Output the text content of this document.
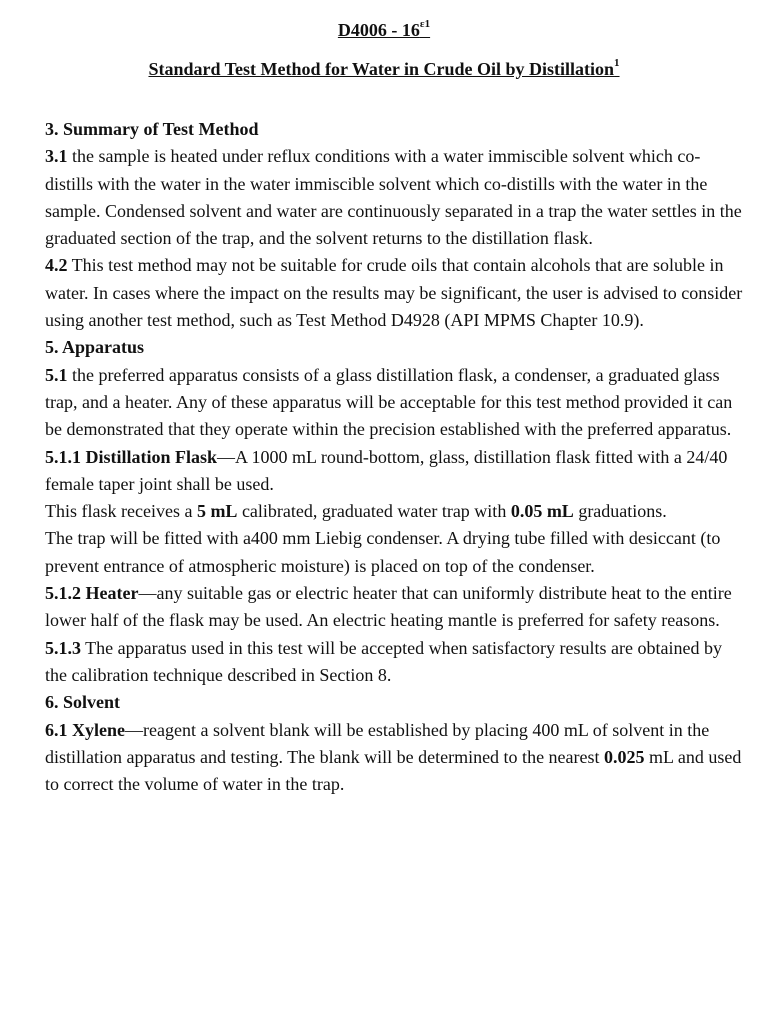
$D4006 - 16^{\varepsilon 1}$
Standard Test Method for Water in Crude Oil by Distillation$^1$

3. Summary of Test Method

3.1 the sample is heated under reflux conditions with a water immiscible solvent which co-distills with the water in the water immiscible solvent which co-distills with the water in the sample. Condensed solvent and water are continuously separated in a trap the water settles in the graduated section of the trap, and the solvent returns to the distillation flask.

4.2 This test method may not be suitable for crude oils that contain alcohols that are soluble in water. In cases where the impact on the results may be significant, the user is advised to consider using another test method, such as Test Method D4928 (API MPMS Chapter 10.9).

5. Apparatus

5.1 the preferred apparatus consists of a glass distillation flask, a condenser, a graduated glass trap, and a heater. Any of these apparatus will be acceptable for this test method provided it can be demonstrated that they operate within the precision established with the preferred apparatus.

5.1.1 Distillation Flask—A 1000 mL round-bottom, glass, distillation flask fitted with a 24/40 female taper joint shall be used.

This flask receives a 5 mL calibrated, graduated water trap with 0.05 mL graduations.

The trap will be fitted with a400 mm Liebig condenser. A drying tube filled with desiccant (to prevent entrance of atmospheric moisture) is placed on top of the condenser.

5.1.2 Heater—any suitable gas or electric heater that can uniformly distribute heat to the entire lower half of the flask may be used. An electric heating mantle is preferred for safety reasons.

5.1.3 The apparatus used in this test will be accepted when satisfactory results are obtained by the calibration technique described in Section 8.

6. Solvent

6.1 Xylene—reagent a solvent blank will be established by placing 400 mL of solvent in the distillation apparatus and testing. The blank will be determined to the nearest 0.025 mL and used to correct the volume of water in the trap.
